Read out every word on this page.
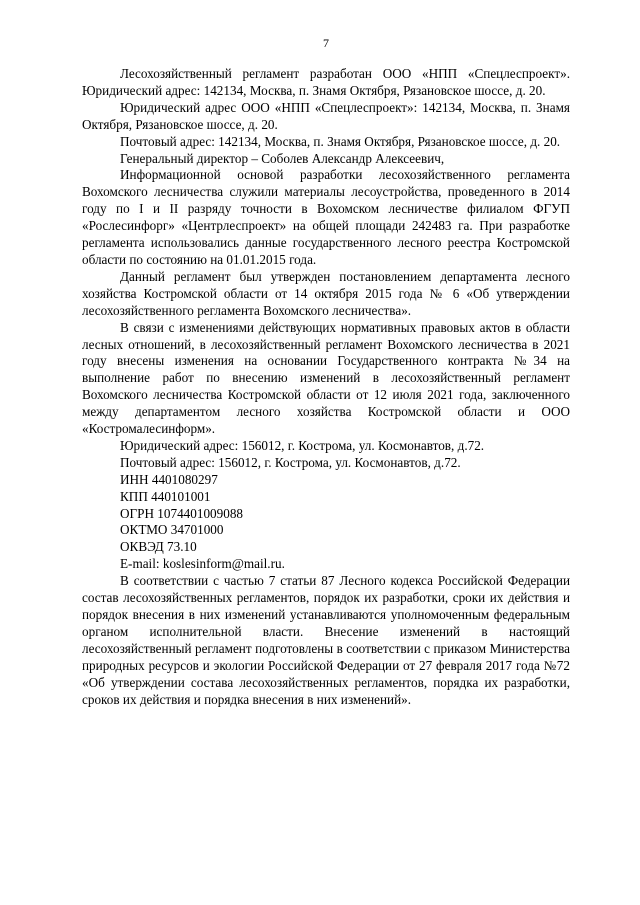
7

Лесохозяйственный регламент разработан ООО «НПП «Спецлеспроект». Юридический адрес: 142134, Москва, п. Знамя Октября, Рязановское шоссе, д. 20.

Юридический адрес ООО «НПП «Спецлеспроект»: 142134, Москва, п. Знамя Октября, Рязановское шоссе, д. 20.

Почтовый адрес: 142134, Москва, п. Знамя Октября, Рязановское шоссе, д. 20.

Генеральный директор – Соболев Александр Алексеевич,

Информационной основой разработки лесохозяйственного регламента Вохомского лесничества служили материалы лесоустройства, проведенного в 2014 году по I и II разряду точности в Вохомском лесничестве филиалом ФГУП «Рослесинфорг» «Центрлеспроект» на общей площади 242483 га. При разработке регламента использовались данные государственного лесного реестра Костромской области по состоянию на 01.01.2015 года.

Данный регламент был утвержден постановлением департамента лесного хозяйства Костромской области от 14 октября 2015 года № 6 «Об утверждении лесохозяйственного регламента Вохомского лесничества».

В связи с изменениями действующих нормативных правовых актов в области лесных отношений, в лесохозяйственный регламент Вохомского лесничества в 2021 году внесены изменения на основании Государственного контракта №34 на выполнение работ по внесению изменений в лесохозяйственный регламент Вохомского лесничества Костромской области от 12 июля 2021 года, заключенного между департаментом лесного хозяйства Костромской области и ООО «Костромалесинформ».

Юридический адрес: 156012, г. Кострома, ул. Космонавтов, д.72.

Почтовый адрес: 156012, г. Кострома, ул. Космонавтов, д.72.

ИНН 4401080297

КПП 440101001

ОГРН 1074401009088

ОКТМО 34701000

ОКВЭД 73.10

E-mail: koslesinform@mail.ru.

В соответствии с частью 7 статьи 87 Лесного кодекса Российской Федерации состав лесохозяйственных регламентов, порядок их разработки, сроки их действия и порядок внесения в них изменений устанавливаются уполномоченным федеральным органом исполнительной власти. Внесение изменений в настоящий лесохозяйственный регламент подготовлены в соответствии с приказом Министерства природных ресурсов и экологии Российской Федерации от 27 февраля 2017 года №72 «Об утверждении состава лесохозяйственных регламентов, порядка их разработки, сроков их действия и порядка внесения в них изменений».
